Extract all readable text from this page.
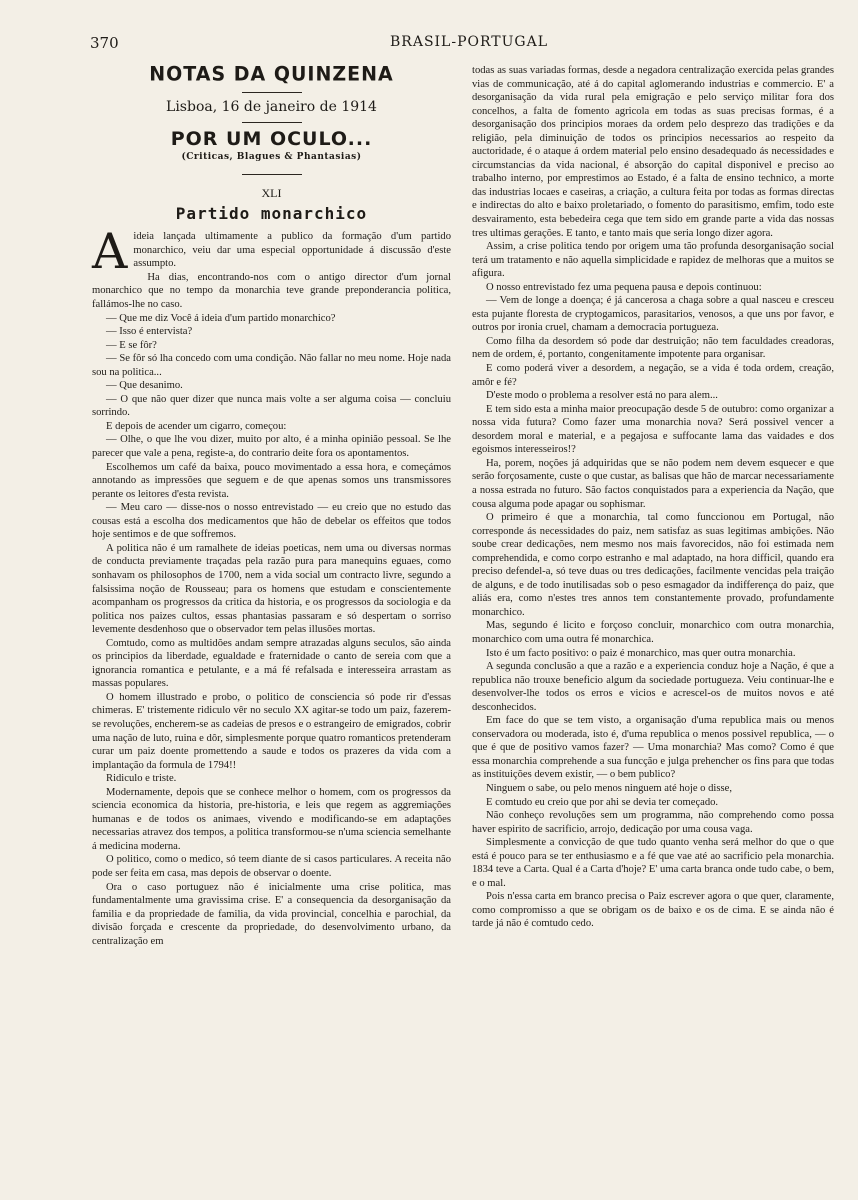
370	BRASIL-PORTUGAL
NOTAS DA QUINZENA
Lisboa, 16 de janeiro de 1914
POR UM OCULO...
(Criticas, Blagues & Phantasias)
XLI
Partido monarchico

Aideia lançada ultimamente a publico da formação d'um partido monarchico, veiu dar uma especial opportunidade á discussão d'este assumpto.

Ha dias, encontrando-nos com o antigo director d'um jornal monarchico que no tempo da monarchia teve grande preponderancia politica, fallámos-lhe no caso.

— Que me diz Você á ideia d'um partido monarchico?

— Isso é entervista?

— E se fôr?

— Se fôr só lha concedo com uma condição. Não fallar no meu nome. Hoje nada sou na politica...

— Que desanimo.

— O que não quer dizer que nunca mais volte a ser alguma coisa — concluiu sorrindo.

E depois de acender um cigarro, começou:

— Olhe, o que lhe vou dizer, muito por alto, é a minha opinião pessoal. Se lhe parecer que vale a pena, registe-a, do contrario deite fora os apontamentos.

Escolhemos um café da baixa, pouco movimentado a essa hora, e começámos annotando as impressões que seguem e de que apenas somos uns transmissores perante os leitores d'esta revista.

— Meu caro — disse-nos o nosso entrevistado — eu creio que no estudo das cousas está a escolha dos medicamentos que hão de debelar os effeitos que todos hoje sentimos e de que soffremos.

A politica não é um ramalhete de ideias poeticas, nem uma ou diversas normas de conducta previamente traçadas pela razão pura para manequins eguaes, como sonhavam os philosophos de 1700, nem a vida social um contracto livre, segundo a falsissima noção de Rousseau; para os homens que estudam e conscientemente acompanham os progressos da critica da historia, e os progressos da sociologia e da politica nos paizes cultos, essas phantasias passaram e só despertam o sorriso levemente desdenhoso que o observador tem pelas illusões mortas.

Comtudo, como as multidões andam sempre atrazadas alguns seculos, são ainda os principios da liberdade, egualdade e fraternidade o canto de sereia com que a ignorancia romantica e petulante, e a má fé refalsada e interesseira arrastam as massas populares.

O homem illustrado e probo, o politico de consciencia só pode rir d'essas chimeras. E' tristemente ridiculo vêr no seculo XX agitar-se todo um paiz, fazerem-se revoluções, encherem-se as cadeias de presos e o estrangeiro de emigrados, cobrir uma nação de luto, ruina e dôr, simplesmente porque quatro romanticos pretenderam curar um paiz doente promettendo a saude e todos os prazeres da vida com a implantação da formula de 1794!!

Ridiculo e triste.

Modernamente, depois que se conhece melhor o homem, com os progressos da sciencia economica da historia, pre-historia, e leis que regem as aggremiações humanas e de todos os animaes, vivendo e modificando-se em adaptações necessarias atravez dos tempos, a politica transformou-se n'uma sciencia semelhante á medicina moderna.

O politico, como o medico, só teem diante de si casos particulares. A receita não pode ser feita em casa, mas depois de observar o doente.

Ora o caso portuguez não é inicialmente uma crise politica, mas fundamentalmente uma gravissima crise. E' a consequencia da desorganisação da familia e da propriedade de familia, da vida provincial, concelhia e parochial, da divisão forçada e crescente da propriedade, do desenvolvimento urbano, da centralização em

todas as suas variadas formas, desde a negadora centralização exercida pelas grandes vias de communicação, até á do capital aglomerando industrias e commercio. E' a desorganisação da vida rural pela emigração e pelo serviço militar fora dos concelhos, a falta de fomento agricola em todas as suas precisas formas, é a desorganisação dos principios moraes da ordem pelo desprezo das tradições e da religião, pela diminuição de todos os principios necessarios ao respeito da auctoridade, é o ataque á ordem material pelo ensino desadequado ás necessidades e circumstancias da vida nacional, é absorção do capital disponivel e preciso ao trabalho interno, por emprestimos ao Estado, é a falta de ensino technico, a morte das industrias locaes e caseiras, a criação, a cultura feita por todas as formas directas e indirectas do alto e baixo proletariado, o fomento do parasitismo, emfim, todo este desvairamento, esta bebedeira cega que tem sido em grande parte a vida das nossas tres ultimas gerações. E tanto, e tanto mais que seria longo dizer agora.

Assim, a crise politica tendo por origem uma tão profunda desorganisação social terá um tratamento e não aquella simplicidade e rapidez de melhoras que a muitos se afigura.

O nosso entrevistado fez uma pequena pausa e depois continuou:

— Vem de longe a doença; é já cancerosa a chaga sobre a qual nasceu e cresceu esta pujante floresta de cryptogamicos, parasitarios, venosos, a que uns por favor, e outros por ironia cruel, chamam a democracia portugueza.

Como filha da desordem só pode dar destruição; não tem faculdades creadoras, nem de ordem, é, portanto, congenitamente impotente para organisar.

E como poderá viver a desordem, a negação, se a vida é toda ordem, creação, amôr e fé?

D'este modo o problema a resolver está no para alem...

E tem sido esta a minha maior preocupação desde 5 de outubro: como organizar a nossa vida futura? Como fazer uma monarchia nova? Será possivel vencer a desordem moral e material, e a pegajosa e suffocante lama das vaidades e dos egoismos interesseiros!?

Ha, porem, noções já adquiridas que se não podem nem devem esquecer e que serão forçosamente, custe o que custar, as balisas que hão de marcar necessariamente a nossa estrada no futuro. São factos conquistados para a experiencia da Nação, que cousa alguma pode apagar ou sophismar.

O primeiro é que a monarchia, tal como funccionou em Portugal, não corresponde ás necessidades do paiz, nem satisfaz as suas legitimas ambições. Não soube crear dedicações, nem mesmo nos mais favorecidos, não foi estimada nem comprehendida, e como corpo estranho e mal adaptado, na hora difficil, quando era preciso defendel-a, só teve duas ou tres dedicações, facilmente vencidas pela traição de alguns, e de todo inutilisadas sob o peso esmagador da indifferença do paiz, que aliás era, como n'estes tres annos tem constantemente provado, profundamente monarchico.

Mas, segundo é licito e forçoso concluir, monarchico com outra monarchia, monarchico com uma outra fé monarchica.

Isto é um facto positivo: o paiz é monarchico, mas quer outra monarchia.

A segunda conclusão a que a razão e a experiencia conduz hoje a Nação, é que a republica não trouxe beneficio algum da sociedade portugueza. Veiu continuar-lhe e desenvolver-lhe todos os erros e vicios e acrescel-os de muitos novos e até desconhecidos.

Em face do que se tem visto, a organisação d'uma republica mais ou menos conservadora ou moderada, isto é, d'uma republica o menos possivel republica, — o que é que de positivo vamos fazer? — Uma monarchia? Mas como? Como é que essa monarchia comprehende a sua funcção e julga prehencher os fins para que todas as instituições devem existir, — o bem publico?

Ninguem o sabe, ou pelo menos ninguem até hoje o disse,

E comtudo eu creio que por ahi se devia ter começado.

Não conheço revoluções sem um programma, não comprehendo como possa haver espirito de sacrificio, arrojo, dedicação por uma cousa vaga.

Simplesmente a convicção de que tudo quanto venha será melhor do que o que está é pouco para se ter enthusiasmo e a fé que vae até ao sacrificio pela monarchia. 1834 teve a Carta. Qual é a Carta d'hoje? E' uma carta branca onde tudo cabe, o bem, e o mal.

Pois n'essa carta em branco precisa o Paiz escrever agora o que quer, claramente, como compromisso a que se obrigam os de baixo e os de cima. E se ainda não é tarde já não é comtudo cedo.
